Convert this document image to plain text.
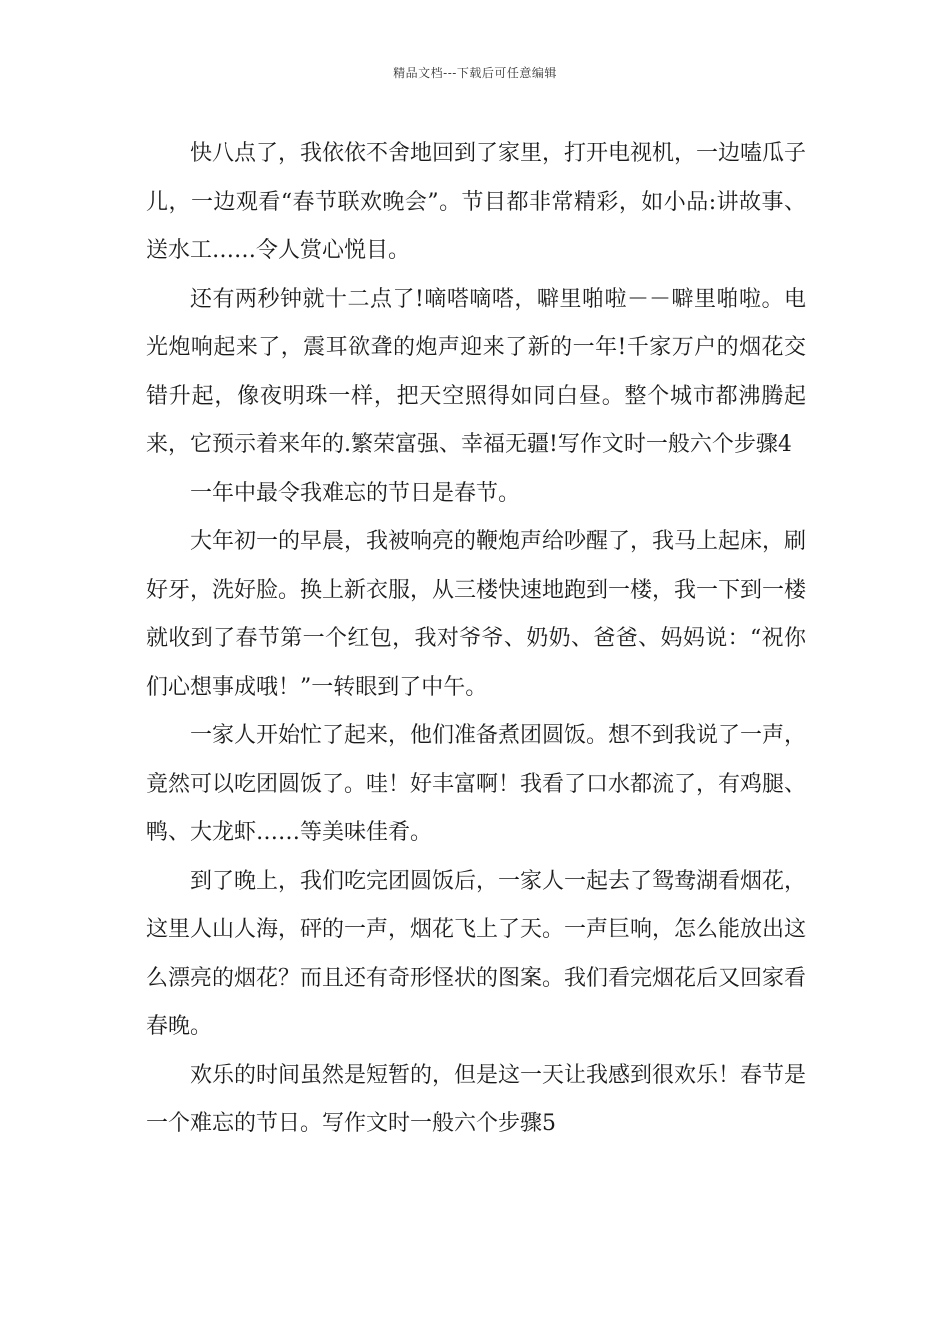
精品文档---下载后可任意编辑

快八点了，我依依不舍地回到了家里，打开电视机，一边嗑瓜子儿，一边观看“春节联欢晚会”。节目都非常精彩，如小品:讲故事、送水工……令人赏心悦目。

还有两秒钟就十二点了!嘀嗒嘀嗒，噼里啪啦－－噼里啪啦。电光炮响起来了，震耳欲聋的炮声迎来了新的一年!千家万户的烟花交错升起，像夜明珠一样，把天空照得如同白昼。整个城市都沸腾起来，它预示着来年的.繁荣富强、幸福无疆!写作文时一般六个步骤4

一年中最令我难忘的节日是春节。

大年初一的早晨，我被响亮的鞭炮声给吵醒了，我马上起床，刷好牙，洗好脸。换上新衣服，从三楼快速地跑到一楼，我一下到一楼就收到了春节第一个红包，我对爷爷、奶奶、爸爸、妈妈说：“祝你们心想事成哦！”一转眼到了中午。

一家人开始忙了起来，他们准备煮团圆饭。想不到我说了一声，竟然可以吃团圆饭了。哇！好丰富啊！我看了口水都流了，有鸡腿、鸭、大龙虾……等美味佳肴。

到了晚上，我们吃完团圆饭后，一家人一起去了鸳鸯湖看烟花，这里人山人海，砰的一声，烟花飞上了天。一声巨响，怎么能放出这么漂亮的烟花？而且还有奇形怪状的图案。我们看完烟花后又回家看春晚。

欢乐的时间虽然是短暂的，但是这一天让我感到很欢乐！春节是一个难忘的节日。写作文时一般六个步骤5
